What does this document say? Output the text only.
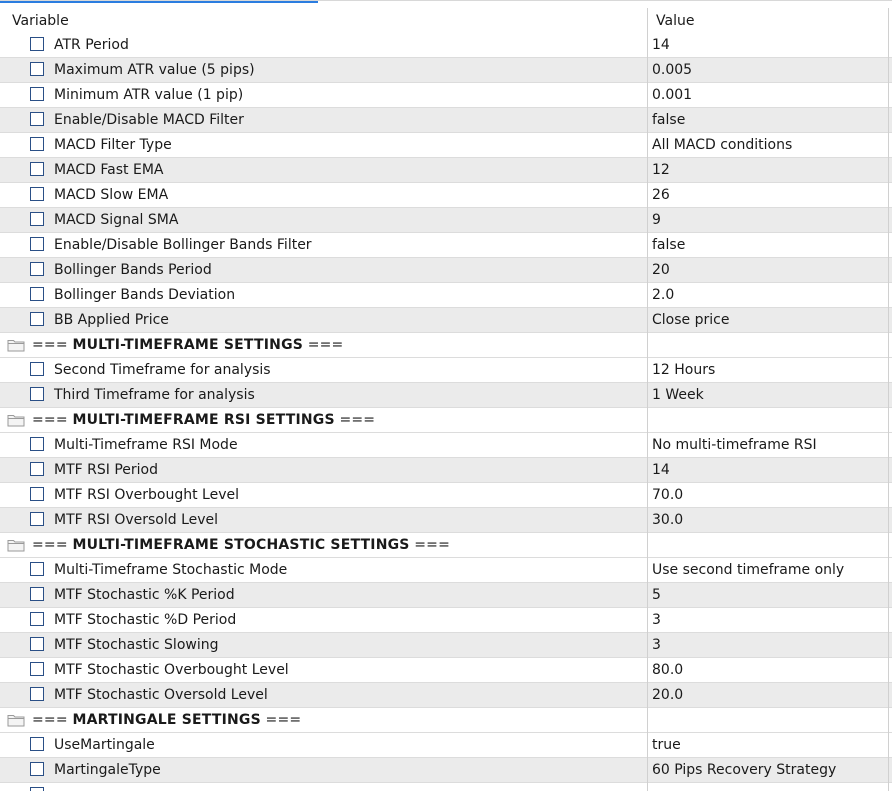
Variable	Value
ATR Period	14
Maximum ATR value (5 pips)	0.005
Minimum ATR value (1 pip)	0.001
Enable/Disable MACD Filter	false
MACD Filter Type	All MACD conditions
MACD Fast EMA	12
MACD Slow EMA	26
MACD Signal SMA	9
Enable/Disable Bollinger Bands Filter	false
Bollinger Bands Period	20
Bollinger Bands Deviation	2.0
BB Applied Price	Close price
=== MULTI-TIMEFRAME SETTINGS ===
Second Timeframe for analysis	12 Hours
Third Timeframe for analysis	1 Week
=== MULTI-TIMEFRAME RSI SETTINGS ===
Multi-Timeframe RSI Mode	No multi-timeframe RSI
MTF RSI Period	14
MTF RSI Overbought Level	70.0
MTF RSI Oversold Level	30.0
=== MULTI-TIMEFRAME STOCHASTIC SETTINGS ===
Multi-Timeframe Stochastic Mode	Use second timeframe only
MTF Stochastic %K Period	5
MTF Stochastic %D Period	3
MTF Stochastic Slowing	3
MTF Stochastic Overbought Level	80.0
MTF Stochastic Oversold Level	20.0
=== MARTINGALE SETTINGS ===
UseMartingale	true
MartingaleType	60 Pips Recovery Strategy
